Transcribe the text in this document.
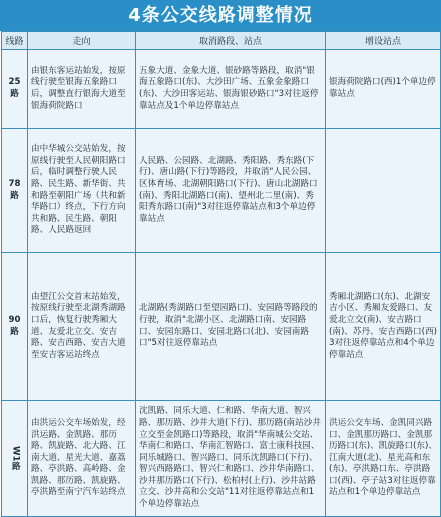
4条公交线路调整情况
线路	走向	取消路段、站点	增设站点
25路	由银东客运站始发，按原线行驶至银海五象路口后，调整直行银海大道至银海荷院路口	五象大道、金象大道、银砂路等路段，取消"银海五象路口(东)、大沙田广场、五象金象路口(东)、大沙田客运站、银海银砂路口"3对往返停靠站点及1个单边停靠站点	银海荷院路口(西)1个单边停靠站点
78路	由中华城公交站始发，按原线行驶至人民朝阳路口后，临时调整行驶人民路、民生路、新华街、共和路至朝阳广场（共和新华路口）终点，下行方向共和路、民生路、朝阳路、人民路返回	人民路、公园路、北湖路、秀阳路、秀东路(下行)、唐山路(下行)等路段，并取消"人民公园、区体育场、北湖朝阳路口(下行)、唐山北湖路口(南)、秀阳北湖路口(南)、望州北二里(南)、秀阳秀东路口(南)"3对往返停靠站点和3个单边停靠站点	
90路	由望江公交首末站始发，按原线行驶至北湖秀湖路口后，恢复行驶秀厢大道、友爱北立交、安吉路、安吉西路、安吉大道至安吉客运站终点	北湖路(秀湖路口至望园路口)、安园路等路段的行驶，取消"北湖小区、北湖路口南、安园路口、安园东路口、安园北路口(北)、安园南路口"5对往返停靠站点	秀厢北湖路口(东)、北湖安吉小区、秀厢友爱路口、友爱北立交(南)、安吉路口(南)、苏丹、安吉西路口(西)3对往返停靠站点和4个单边停靠站点
W1路	由洪运公交车场始发，经洪运路、金凯路、那历路、凯旋路、北大路、江南大道、星光大道、嘉荔路、亭洪路、高岭路、金凯路、那历路、凯旋路、亭洪路至南宁汽车站终点	沈凯路、同乐大道、仁和路、华南大道、智兴路、那历路、沙井大道(下行)、那历路(南站沙井立交至金凯路口)等路段，取消"华南城公交站、华南仁和路口、华南汇智路口、富士康科技园、同乐城路口、智兴路口、同乐沈凯路口(下行)、智兴西路路口、智兴仁和路口、沙井华南路口、沙井那历路口(下行)、松柏村(上行)、沙井站路立交、沙井高和公交站"11对往返停靠站点和1个单边停靠站点	洪运公交车场、金凯同兴路口、金凯那历路口、金凯那历路口(东)、凯旋路口(东)、江南大道(北)、星光高和东(东)、亭洪路口东、亭洪路口(西)、亭子站3对往返停靠站点和1个单边停靠站点
